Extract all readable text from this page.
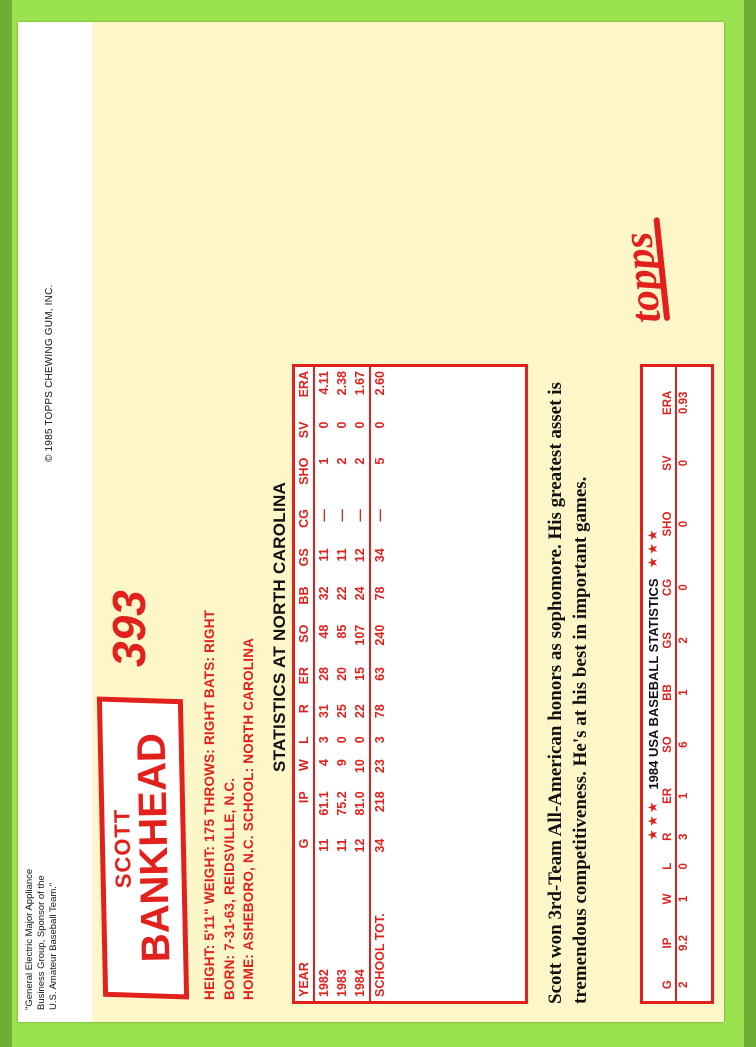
"General Electric Major Appliance Business Group, Sponsor of the U.S. Amateur Baseball Team."
© 1985 TOPPS CHEWING GUM, INC.
SCOTT
BANKHEAD
393	HEIGHT: 5'11" WEIGHT: 175 THROWS: RIGHT BATS: RIGHT BORN: 7-31-63, REIDSVILLE, N.C. HOME: ASHEBORO, N.C. SCHOOL: NORTH CAROLINA
STATISTICS AT NORTH CAROLINA
YEAR	G	IP	W	L	R	ER	SO	BB	GS	CG	SHO	SV	ERA
1982	11	61.1	4	3	31	28	48	32	11	—	1	0	4.11
1983	11	75.2	9	0	25	20	85	22	11	—	2	0	2.38
1984	12	81.0	10	0	22	15	107	24	12	—	2	0	1.67
SCHOOL TOT.	34	218	23	3	78	63	240	78	34	—	5	0	2.60	Scott won 3rd-Team All-American honors as sophomore. His greatest asset is tremendous competitiveness. He's at his best in important games.	★★★
1984 USA BASEBALL STATISTICS
★★★
G	IP	W	L	R	ER	SO	BB	GS	CG	SHO	SV	ERA
2	9.2	1	0	3	1	6	1	2	0	0	0	0.93
topps
